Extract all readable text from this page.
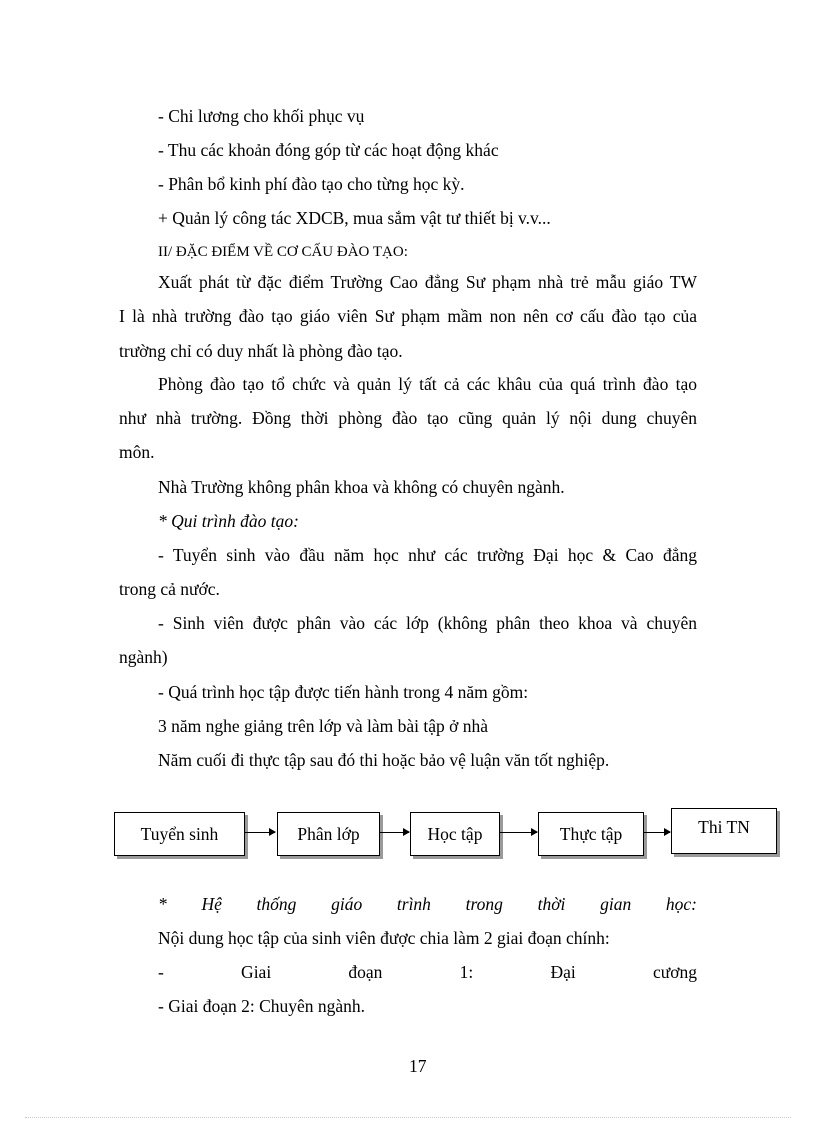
- Chi lương cho khối phục vụ
- Thu các khoản đóng góp từ các hoạt động khác
- Phân bổ kinh phí đào tạo cho từng học kỳ.
+ Quản lý công tác XDCB, mua sắm vật tư thiết bị v.v...
II/ ĐẶC ĐIỂM VỀ CƠ CẤU ĐÀO TẠO:
Xuất phát từ đặc điểm Trường Cao đẳng Sư phạm nhà trẻ mẫu giáo TW
I là nhà trường đào tạo giáo viên Sư phạm mầm non nên cơ cấu đào tạo của
trường chỉ có duy nhất là phòng đào tạo.
Phòng đào tạo tổ chức và quản lý tất cả các khâu của quá trình đào tạo
như nhà trường. Đồng thời phòng đào tạo cũng quản lý nội dung chuyên
môn.
Nhà Trường không phân khoa và không có chuyên ngành.
* Qui trình đào tạo:
- Tuyển sinh vào đầu năm học như các trường Đại học & Cao đẳng
trong cả nước.
- Sinh viên được phân vào các lớp (không phân theo khoa và chuyên
ngành)
- Quá trình học tập được tiến hành trong 4 năm gồm:
3 năm nghe giảng trên lớp và làm bài tập ở nhà
Năm cuối đi thực tập sau đó thi hoặc bảo vệ luận văn tốt nghiệp.
Tuyển sinh	Phân lớp	Học tập	Thực tập	Thi TN
* Hệ thống giáo trình trong thời gian học:
Nội dung học tập của sinh viên được chia làm 2 giai đoạn chính:
- Giai đoạn 1: Đại cương
- Giai đoạn 2: Chuyên ngành.
17
